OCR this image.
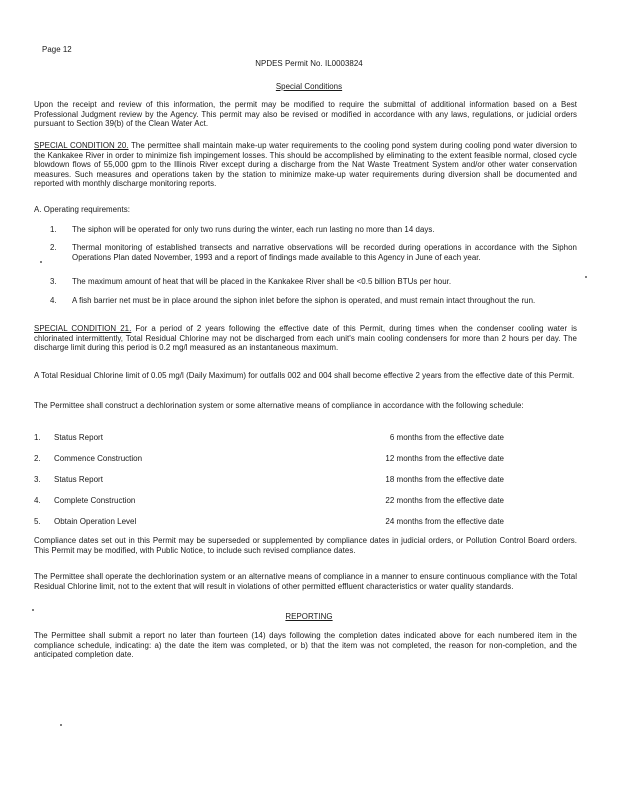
Page 12
NPDES Permit No. IL0003824
Special Conditions
Upon the receipt and review of this information, the permit may be modified to require the submittal of additional information based on a Best Professional Judgment review by the Agency. This permit may also be revised or modified in accordance with any laws, regulations, or judicial orders pursuant to Section 39(b) of the Clean Water Act.
SPECIAL CONDITION 20. The permittee shall maintain make-up water requirements to the cooling pond system during cooling pond water diversion to the Kankakee River in order to minimize fish impingement losses. This should be accomplished by eliminating to the extent feasible normal, closed cycle blowdown flows of 55,000 gpm to the Illinois River except during a discharge from the Nat Waste Treatment System and/or other water conservation measures. Such measures and operations taken by the station to minimize make-up water requirements during diversion shall be documented and reported with monthly discharge monitoring reports.
A. Operating requirements:
1.	The siphon will be operated for only two runs during the winter, each run lasting no more than 14 days.
2.	Thermal monitoring of established transects and narrative observations will be recorded during operations in accordance with the Siphon Operations Plan dated November, 1993 and a report of findings made available to this Agency in June of each year.
3.	The maximum amount of heat that will be placed in the Kankakee River shall be <0.5 billion BTUs per hour.
4.	A fish barrier net must be in place around the siphon inlet before the siphon is operated, and must remain intact throughout the run.
SPECIAL CONDITION 21. For a period of 2 years following the effective date of this Permit, during times when the condenser cooling water is chlorinated intermittently, Total Residual Chlorine may not be discharged from each unit's main cooling condensers for more than 2 hours per day. The discharge limit during this period is 0.2 mg/l measured as an instantaneous maximum.
A Total Residual Chlorine limit of 0.05 mg/l (Daily Maximum) for outfalls 002 and 004 shall become effective 2 years from the effective date of this Permit.
The Permittee shall construct a dechlorination system or some alternative means of compliance in accordance with the following schedule:
1.	Status Report	6 months from the effective date
2.	Commence Construction	12 months from the effective date
3.	Status Report	18 months from the effective date
4.	Complete Construction	22 months from the effective date
5.	Obtain Operation Level	24 months from the effective date
Compliance dates set out in this Permit may be superseded or supplemented by compliance dates in judicial orders, or Pollution Control Board orders. This Permit may be modified, with Public Notice, to include such revised compliance dates.
The Permittee shall operate the dechlorination system or an alternative means of compliance in a manner to ensure continuous compliance with the Total Residual Chlorine limit, not to the extent that will result in violations of other permitted effluent characteristics or water quality standards.
REPORTING
The Permittee shall submit a report no later than fourteen (14) days following the completion dates indicated above for each numbered item in the compliance schedule, indicating: a) the date the item was completed, or b) that the item was not completed, the reason for non-completion, and the anticipated completion date.
